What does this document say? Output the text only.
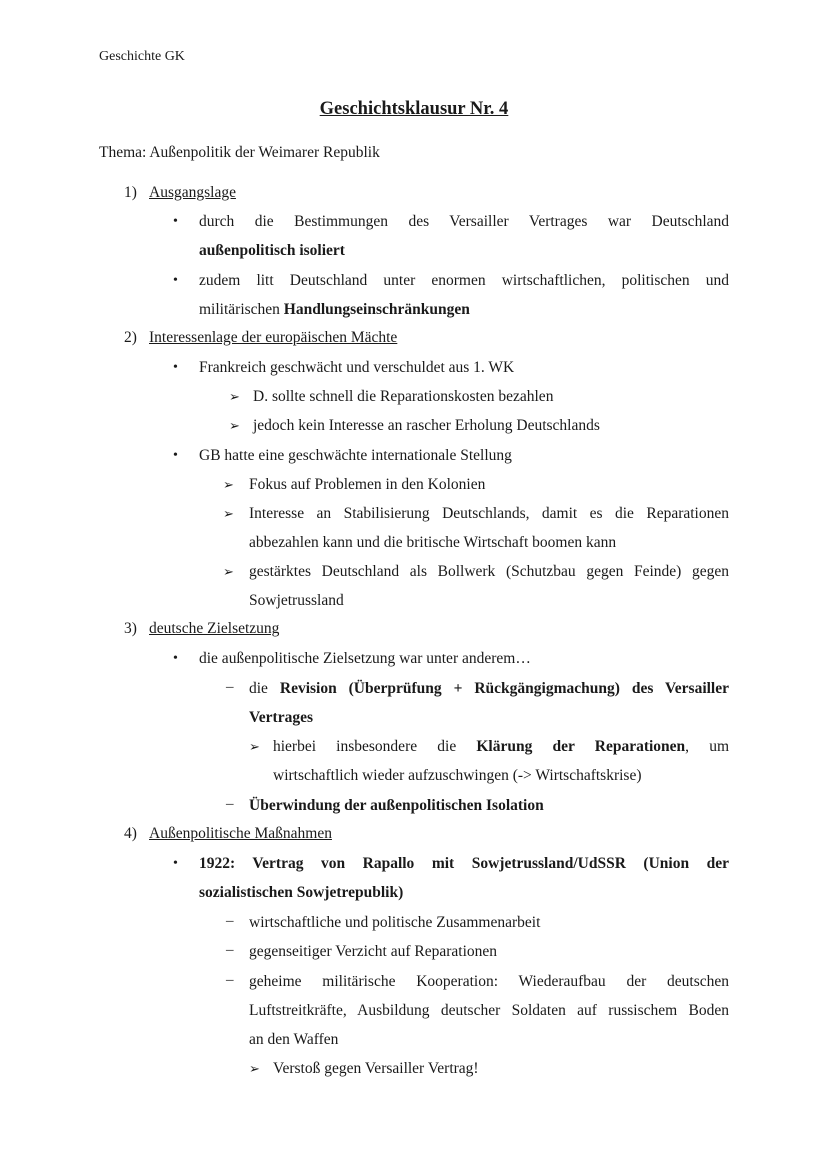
Geschichte GK
Geschichtsklausur Nr. 4
Thema: Außenpolitik der Weimarer Republik
1) Ausgangslage
• durch die Bestimmungen des Versailler Vertrages war Deutschland
außenpolitisch isoliert
• zudem litt Deutschland unter enormen wirtschaftlichen, politischen und
militärischen Handlungseinschränkungen
2) Interessenlage der europäischen Mächte
• Frankreich geschwächt und verschuldet aus 1. WK
➢ D. sollte schnell die Reparationskosten bezahlen
➢ jedoch kein Interesse an rascher Erholung Deutschlands
• GB hatte eine geschwächte internationale Stellung
➢ Fokus auf Problemen in den Kolonien
➢ Interesse an Stabilisierung Deutschlands, damit es die Reparationen
abbezahlen kann und die britische Wirtschaft boomen kann
➢ gestärktes Deutschland als Bollwerk (Schutzbau gegen Feinde) gegen
Sowjetrussland
3) deutsche Zielsetzung
• die außenpolitische Zielsetzung war unter anderem…
– die Revision (Überprüfung + Rückgängigmachung) des Versailler
Vertrages
➢ hierbei insbesondere die Klärung der Reparationen, um
wirtschaftlich wieder aufzuschwingen (-> Wirtschaftskrise)
– Überwindung der außenpolitischen Isolation
4) Außenpolitische Maßnahmen
• 1922: Vertrag von Rapallo mit Sowjetrussland/UdSSR (Union der
sozialistischen Sowjetrepublik)
– wirtschaftliche und politische Zusammenarbeit
– gegenseitiger Verzicht auf Reparationen
– geheime militärische Kooperation: Wiederaufbau der deutschen
Luftstreitkräfte, Ausbildung deutscher Soldaten auf russischem Boden
an den Waffen
➢ Verstoß gegen Versailler Vertrag!
